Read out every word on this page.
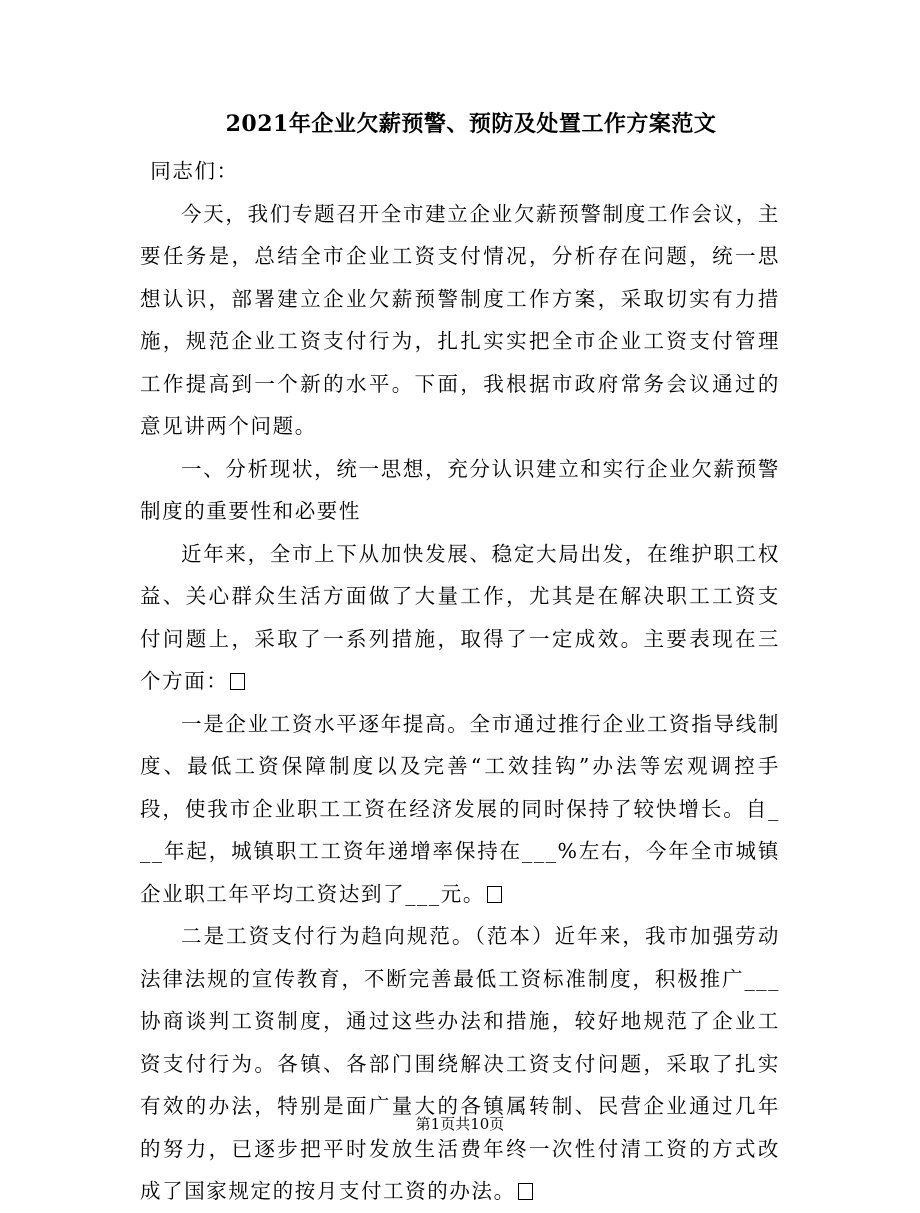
2021年企业欠薪预警、预防及处置工作方案范文

同志们：

今天，我们专题召开全市建立企业欠薪预警制度工作会议，主要任务是，总结全市企业工资支付情况，分析存在问题，统一思想认识，部署建立企业欠薪预警制度工作方案，采取切实有力措施，规范企业工资支付行为，扎扎实实把全市企业工资支付管理工作提高到一个新的水平。下面，我根据市政府常务会议通过的意见讲两个问题。

一、分析现状，统一思想，充分认识建立和实行企业欠薪预警制度的重要性和必要性

近年来，全市上下从加快发展、稳定大局出发，在维护职工权益、关心群众生活方面做了大量工作，尤其是在解决职工工资支付问题上，采取了一系列措施，取得了一定成效。主要表现在三个方面：

一是企业工资水平逐年提高。全市通过推行企业工资指导线制度、最低工资保障制度以及完善“工效挂钩”办法等宏观调控手段，使我市企业职工工资在经济发展的同时保持了较快增长。自___年起，城镇职工工资年递增率保持在___%左右，今年全市城镇企业职工年平均工资达到了___元。

二是工资支付行为趋向规范。（范本）近年来，我市加强劳动法律法规的宣传教育，不断完善最低工资标准制度，积极推广___协商谈判工资制度，通过这些办法和措施，较好地规范了企业工资支付行为。各镇、各部门围绕解决工资支付问题，采取了扎实有效的办法，特别是面广量大的各镇属转制、民营企业通过几年的努力，已逐步把平时发放生活费年终一次性付清工资的方式改成了国家规定的按月支付工资的办法。

第1页共10页
